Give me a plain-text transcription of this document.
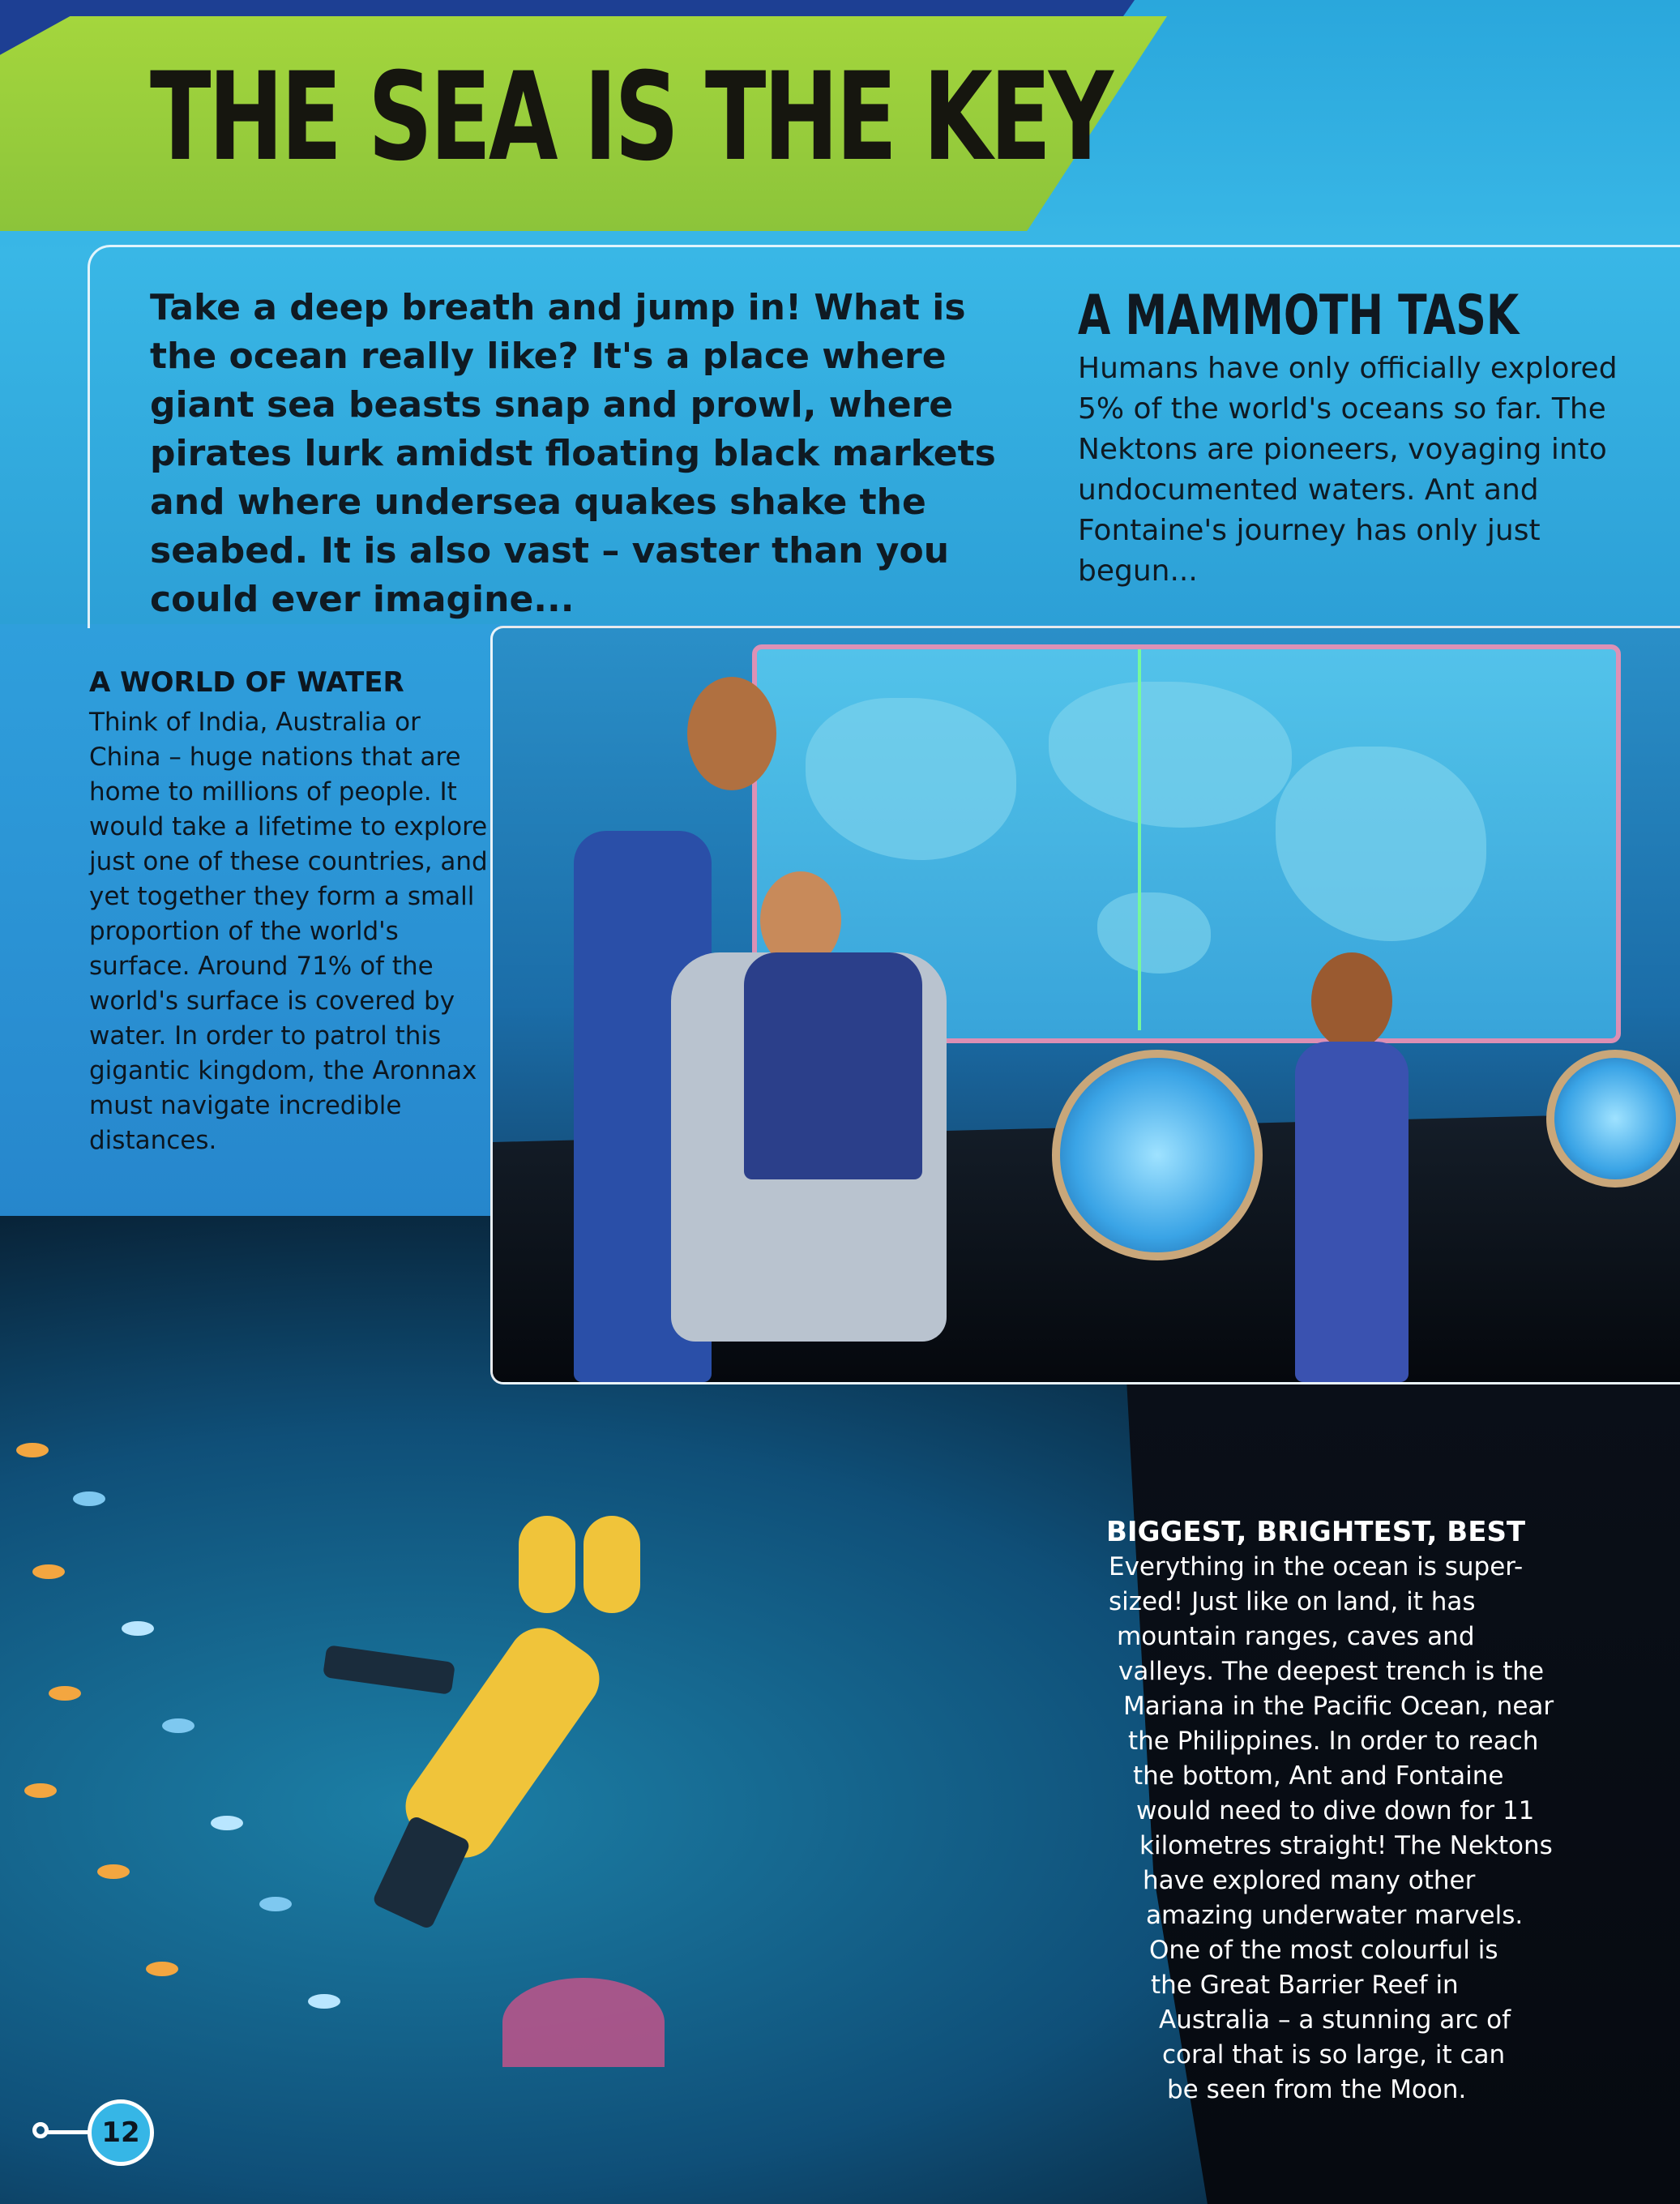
THE SEA IS THE KEY
Take a deep breath and jump in! What is the ocean really like? It's a place where giant sea beasts snap and prowl, where pirates lurk amidst floating black markets and where undersea quakes shake the seabed. It is also vast – vaster than you could ever imagine...
A MAMMOTH TASK
Humans have only officially explored 5% of the world's oceans so far. The Nektons are pioneers, voyaging into undocumented waters. Ant and Fontaine's journey has only just begun...
A WORLD OF WATER
Think of India, Australia or China – huge nations that are home to millions of people. It would take a lifetime to explore just one of these countries, and yet together they form a small proportion of the world's surface. Around 71% of the world's surface is covered by water. In order to patrol this gigantic kingdom, the Aronnax must navigate incredible distances.
BIGGEST, BRIGHTEST, BEST
Everything in the ocean is super-
sized! Just like on land, it has
mountain ranges, caves and
valleys. The deepest trench is the
Mariana in the Pacific Ocean, near
the Philippines. In order to reach
the bottom, Ant and Fontaine
would need to dive down for 11
kilometres straight! The Nektons
have explored many other
amazing underwater marvels.
One of the most colourful is
the Great Barrier Reef in
Australia – a stunning arc of
coral that is so large, it can
be seen from the Moon.
12
